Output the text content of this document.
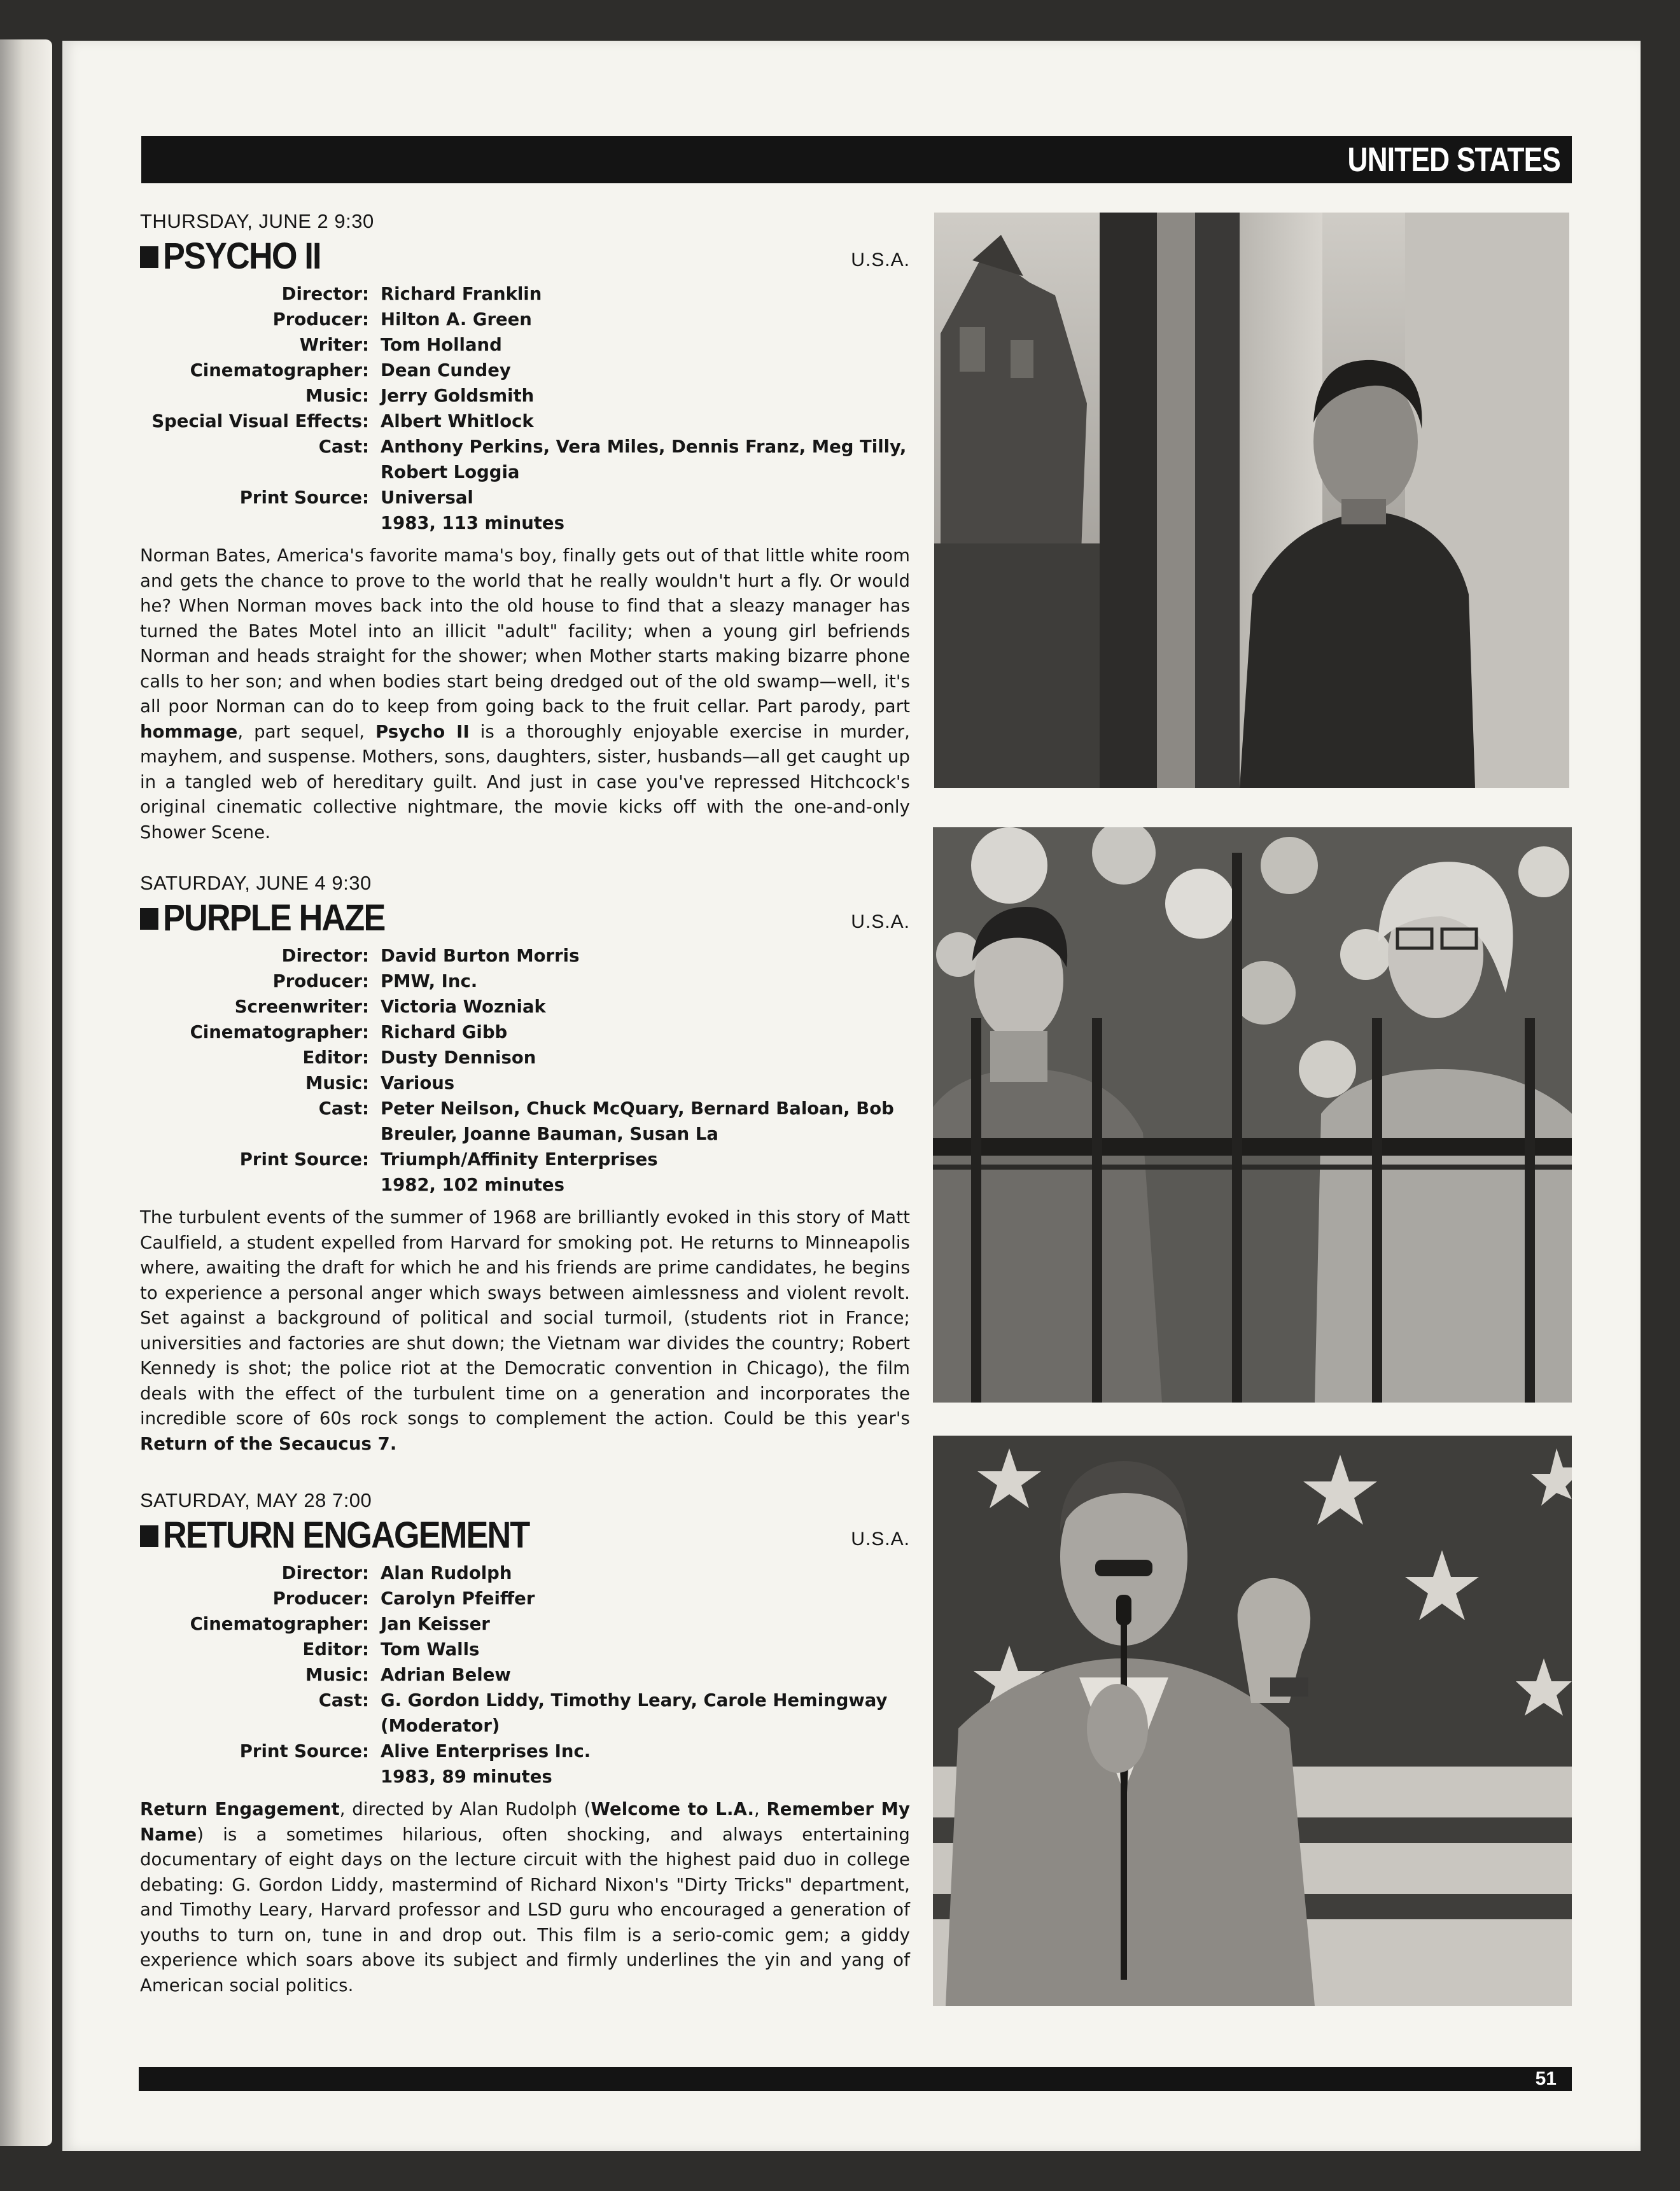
UNITED STATES

THURSDAY, JUNE 2 9:30

PSYCHO II	U.S.A.
Director: Richard Franklin
Producer: Hilton A. Green
Writer: Tom Holland
Cinematographer: Dean Cundey
Music: Jerry Goldsmith
Special Visual Effects: Albert Whitlock
Cast: Anthony Perkins, Vera Miles, Dennis Franz, Meg Tilly, Robert Loggia
Print Source: Universal
1983, 113 minutes

Norman Bates, America's favorite mama's boy, finally gets out of that little white room and gets the chance to prove to the world that he really wouldn't hurt a fly. Or would he? When Norman moves back into the old house to find that a sleazy manager has turned the Bates Motel into an illicit "adult" facility; when a young girl befriends Norman and heads straight for the shower; when Mother starts making bizarre phone calls to her son; and when bodies start being dredged out of the old swamp—well, it's all poor Norman can do to keep from going back to the fruit cellar. Part parody, part hommage, part sequel, Psycho II is a thoroughly enjoyable exercise in murder, mayhem, and suspense. Mothers, sons, daughters, sister, husbands—all get caught up in a tangled web of hereditary guilt. And just in case you've repressed Hitchcock's original cinematic collective nightmare, the movie kicks off with the one-and-only Shower Scene.

SATURDAY, JUNE 4 9:30

PURPLE HAZE	U.S.A.
Director: David Burton Morris
Producer: PMW, Inc.
Screenwriter: Victoria Wozniak
Cinematographer: Richard Gibb
Editor: Dusty Dennison
Music: Various
Cast: Peter Neilson, Chuck McQuary, Bernard Baloan, Bob Breuler, Joanne Bauman, Susan La
Print Source: Triumph/Affinity Enterprises
1982, 102 minutes

The turbulent events of the summer of 1968 are brilliantly evoked in this story of Matt Caulfield, a student expelled from Harvard for smoking pot. He returns to Minneapolis where, awaiting the draft for which he and his friends are prime candidates, he begins to experience a personal anger which sways between aimlessness and violent revolt. Set against a background of political and social turmoil, (students riot in France; universities and factories are shut down; the Vietnam war divides the country; Robert Kennedy is shot; the police riot at the Democratic convention in Chicago), the film deals with the effect of the turbulent time on a generation and incorporates the incredible score of 60s rock songs to complement the action. Could be this year's Return of the Secaucus 7.

SATURDAY, MAY 28 7:00

RETURN ENGAGEMENT	U.S.A.
Director: Alan Rudolph
Producer: Carolyn Pfeiffer
Cinematographer: Jan Keisser
Editor: Tom Walls
Music: Adrian Belew
Cast: G. Gordon Liddy, Timothy Leary, Carole Hemingway (Moderator)
Print Source: Alive Enterprises Inc.
1983, 89 minutes

Return Engagement, directed by Alan Rudolph (Welcome to L.A., Remember My Name) is a sometimes hilarious, often shocking, and always entertaining documentary of eight days on the lecture circuit with the highest paid duo in college debating: G. Gordon Liddy, mastermind of Richard Nixon's "Dirty Tricks" department, and Timothy Leary, Harvard professor and LSD guru who encouraged a generation of youths to turn on, tune in and drop out. This film is a serio-comic gem; a giddy experience which soars above its subject and firmly underlines the yin and yang of American social politics.

51
